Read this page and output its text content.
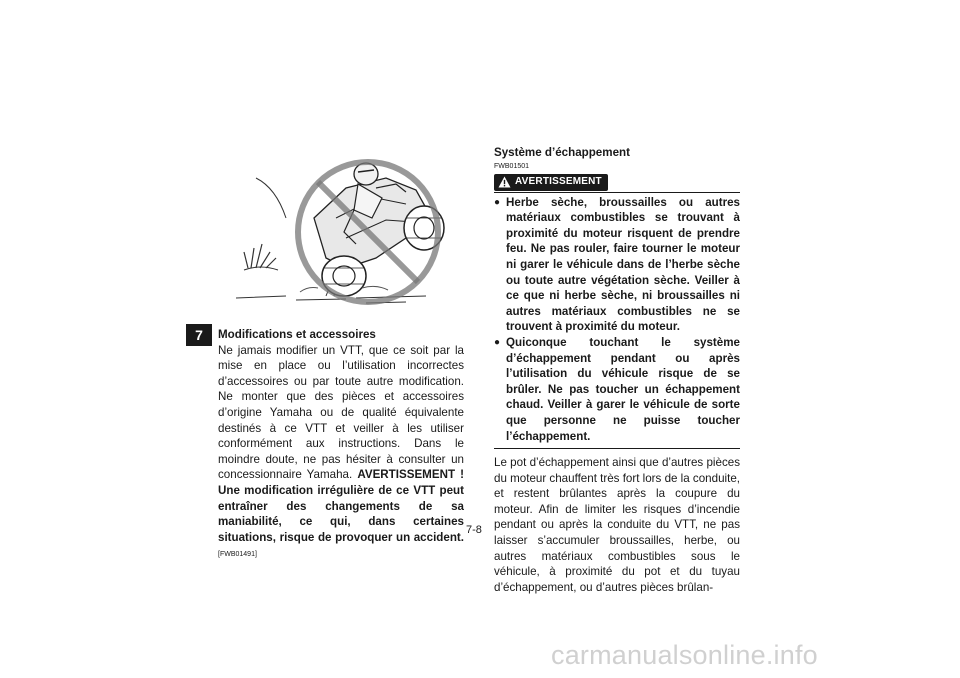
7	Modifications et accessoires
Ne jamais modifier un VTT, que ce soit par la mise en place ou l’utilisation incorrectes d’accessoires ou par toute autre modification. Ne monter que des pièces et accessoires d’origine Yamaha ou de qualité équivalente destinés à ce VTT et veiller à les utiliser conformément aux instructions. Dans le moindre doute, ne pas hésiter à consulter un concessionnaire Yamaha. AVERTISSEMENT ! Une modification irrégulière de ce VTT peut entraîner des changements de sa maniabilité, ce qui, dans certaines situations, risque de provoquer un accident. [FWB01491]
Système d’échappement
FWB01501
AVERTISSEMENT
● Herbe sèche, broussailles ou autres matériaux combustibles se trouvant à proximité du moteur risquent de prendre feu. Ne pas rouler, faire tourner le moteur ni garer le véhicule dans de l’herbe sèche ou toute autre végétation sèche. Veiller à ce que ni herbe sèche, ni broussailles ni autres matériaux combustibles ne se trouvent à proximité du moteur.
● Quiconque touchant le système d’échappement pendant ou après l’utilisation du véhicule risque de se brûler. Ne pas toucher un échappement chaud. Veiller à garer le véhicule de sorte que personne ne puisse toucher l’échappement.
Le pot d’échappement ainsi que d’autres pièces du moteur chauffent très fort lors de la conduite, et restent brûlantes après la coupure du moteur. Afin de limiter les risques d’incendie pendant ou après la conduite du VTT, ne pas laisser s’accumuler broussailles, herbe, ou autres matériaux combustibles sous le véhicule, à proximité du pot et du tuyau d’échappement, ou d’autres pièces brûlan-
7-8
carmanualsonline.info
